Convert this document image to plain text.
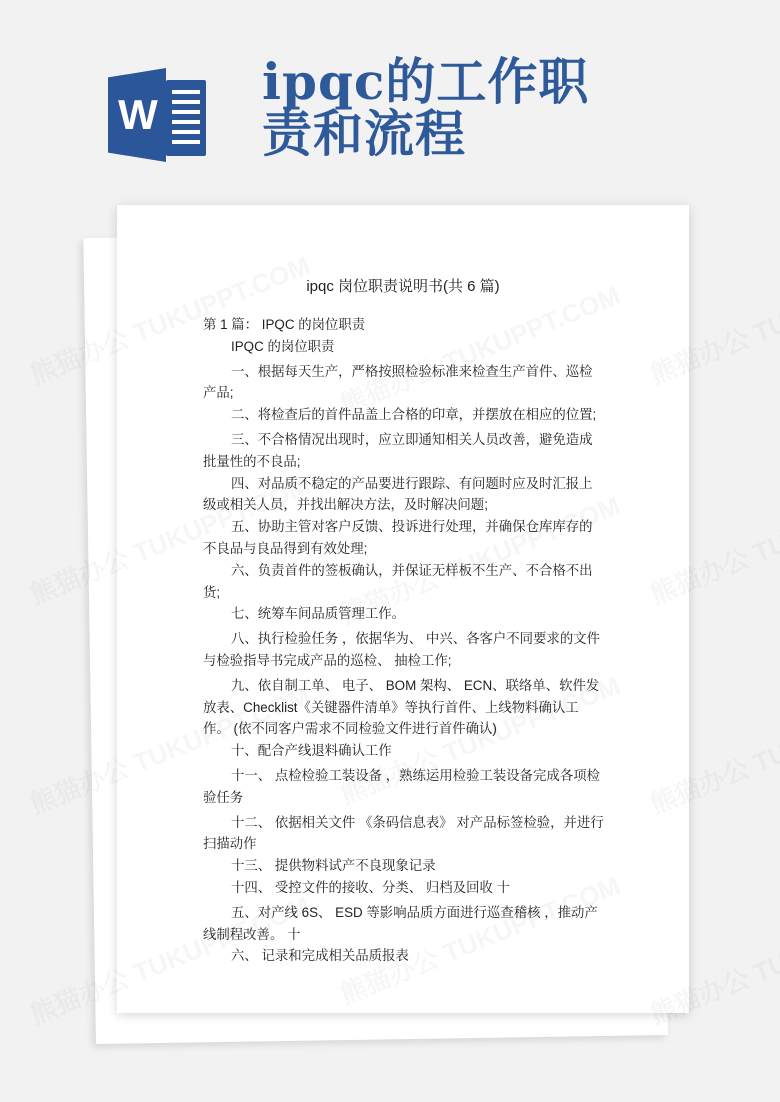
W
ipqc的工作职责和流程
ipqc 岗位职责说明书(共 6 篇)

第 1 篇： IPQC 的岗位职责

IPQC 的岗位职责

一、根据每天生产，严格按照检验标准来检查生产首件、巡检产品;

二、将检查后的首件品盖上合格的印章，并摆放在相应的位置;

三、不合格情况出现时，应立即通知相关人员改善，避免造成批量性的不良品;

四、对品质不稳定的产品要进行跟踪、有问题时应及时汇报上级或相关人员，并找出解决方法，及时解决问题;

五、协助主管对客户反馈、投诉进行处理，并确保仓库库存的不良品与良品得到有效处理;

六、负责首件的签板确认，并保证无样板不生产、不合格不出货;

七、统筹车间品质管理工作。

八、执行检验任务 ，依据华为、 中兴、各客户不同要求的文件与检验指导书完成产品的巡检、 抽检工作;

九、依自制工单、 电子、 BOM 架构、 ECN、联络单、软件发放表、Checklist《关键器件清单》等执行首件、上线物料确认工作。 (依不同客户需求不同检验文件进行首件确认)

十、配合产线退料确认工作

十一、 点检检验工装设备 ，熟练运用检验工装设备完成各项检验任务

十二、 依据相关文件 《条码信息表》 对产品标签检验，并进行扫描动作

十三、 提供物料试产不良现象记录

十四、 受控文件的接收、分类、 归档及回收 十

五、对产线 6S、 ESD 等影响品质方面进行巡查稽核 ，推动产线制程改善。 十

六、 记录和完成相关品质报表
